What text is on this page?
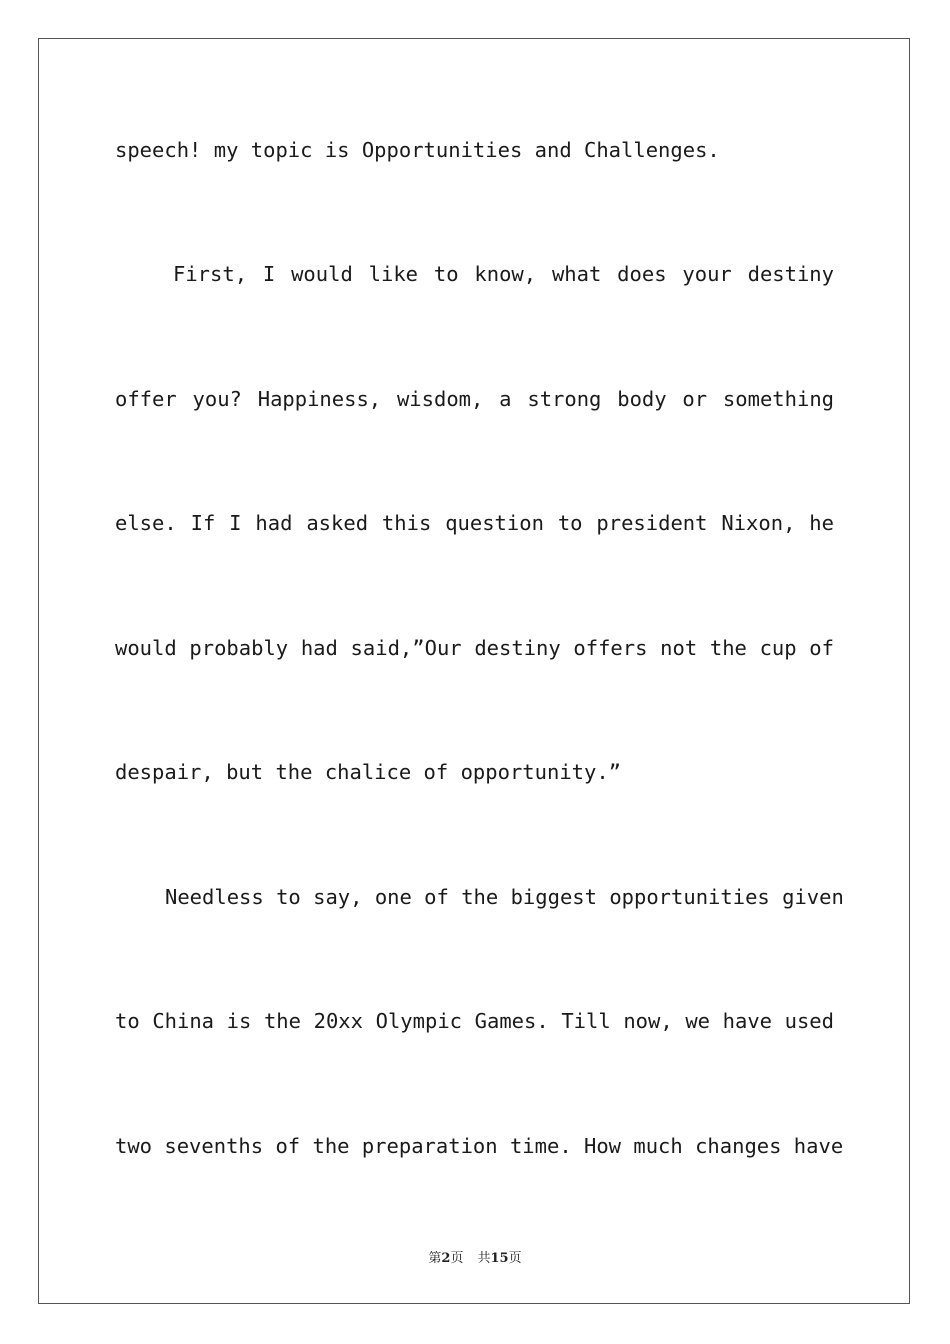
speech! my topic is Opportunities and Challenges.
First, I would like to know, what does your destiny
offer you? Happiness, wisdom, a strong body or something
else. If I had asked this question to president Nixon, he
would probably had said,”Our destiny offers not the cup of
despair, but the chalice of opportunity.”
Needless to say, one of the biggest opportunities given
to China is the 20xx Olympic Games. Till now, we have used
two sevenths of the preparation time. How much changes have
第2页 共15页
